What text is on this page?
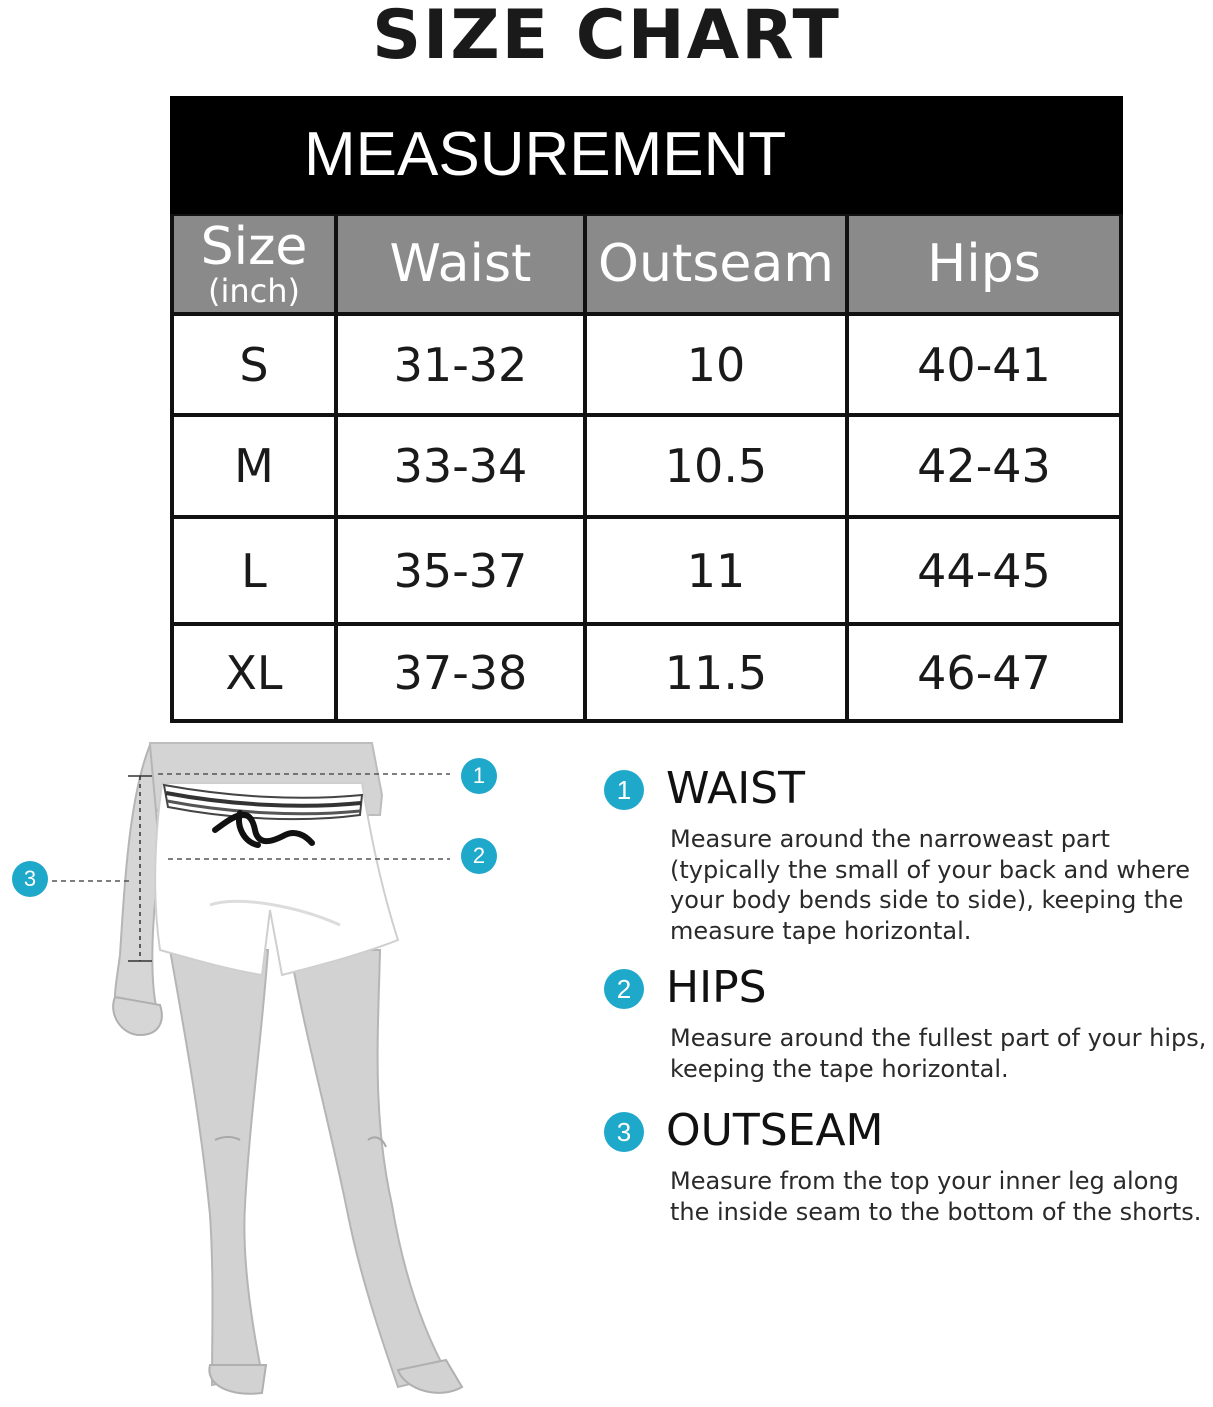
SIZE CHART
MEASUREMENT
Size
(inch)	Waist	Outseam	Hips
S	31-32	10	40-41
M	33-34	10.5	42-43
L	35-37	11	44-45
XL	37-38	11.5	46-47
1
2
3
1 WAIST
Measure around the narroweast part (typically the small of your back and where your body bends side to side), keeping the measure tape horizontal.
2 HIPS
Measure around the fullest part of your hips, keeping the tape horizontal.
3 OUTSEAM
Measure from the top your inner leg along the inside seam to the bottom of the shorts.
